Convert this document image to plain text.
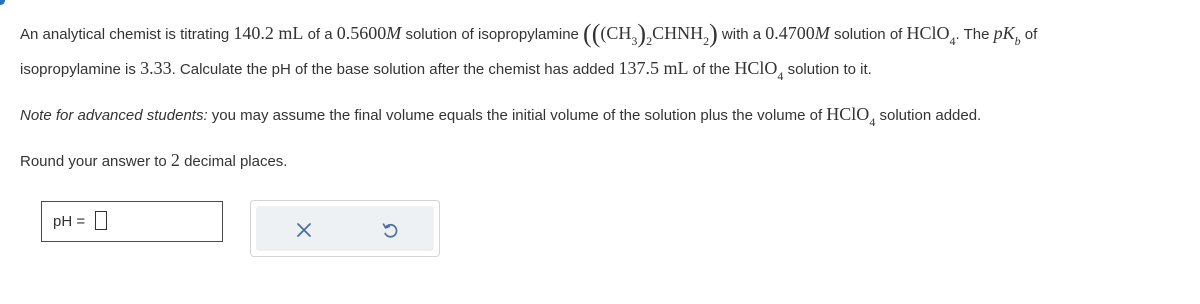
An analytical chemist is titrating 140.2 mL of a 0.5600M solution of isopropylamine ($((CH_3)_2CHNH_2)$ with a 0.4700M solution of HClO$_4$. The $pK_b$ of
isopropylamine is 3.33. Calculate the pH of the base solution after the chemist has added 137.5 mL of the HClO$_4$ solution to it.
Note for advanced students: you may assume the final volume equals the initial volume of the solution plus the volume of HClO$_4$ solution added.
Round your answer to 2 decimal places.
pH =
